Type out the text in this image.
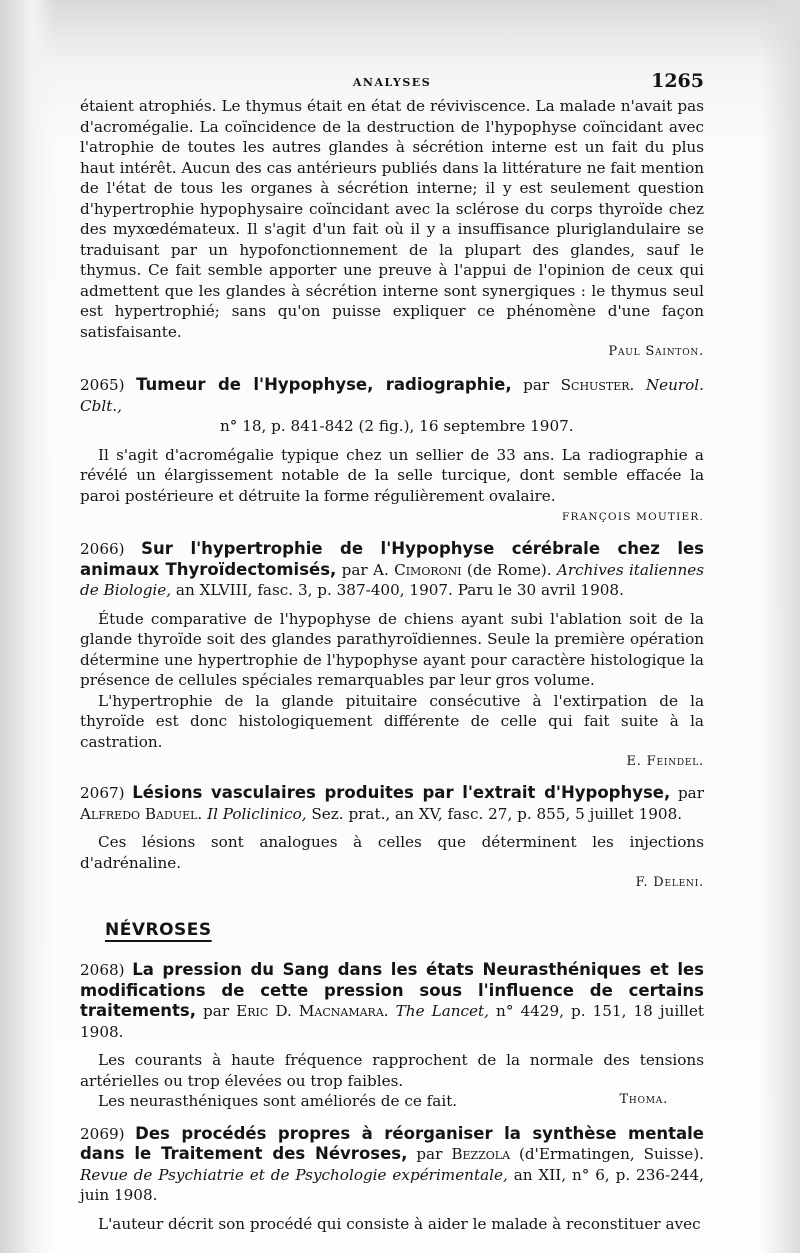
ANALYSES	1265

étaient atrophiés. Le thymus était en état de réviviscence. La malade n'avait pas d'acromégalie. La coïncidence de la destruction de l'hypophyse coïncidant avec l'atrophie de toutes les autres glandes à sécrétion interne est un fait du plus haut intérêt. Aucun des cas antérieurs publiés dans la littérature ne fait mention de l'état de tous les organes à sécrétion interne; il y est seulement question d'hypertrophie hypophysaire coïncidant avec la sclérose du corps thyroïde chez des myxœdémateux. Il s'agit d'un fait où il y a insuffisance pluriglandulaire se traduisant par un hypofonctionnement de la plupart des glandes, sauf le thymus. Ce fait semble apporter une preuve à l'appui de l'opinion de ceux qui admettent que les glandes à sécrétion interne sont synergiques : le thymus seul est hypertrophié; sans qu'on puisse expliquer ce phénomène d'une façon satisfaisante.

Paul Sainton.

2065) Tumeur de l'Hypophyse, radiographie, par Schuster. Neurol. Cblt.,
n° 18, p. 841-842 (2 fig.), 16 septembre 1907.

Il s'agit d'acromégalie typique chez un sellier de 33 ans. La radiographie a révélé un élargissement notable de la selle turcique, dont semble effacée la paroi postérieure et détruite la forme régulièrement ovalaire.

FRANÇOIS MOUTIER.

2066) Sur l'hypertrophie de l'Hypophyse cérébrale chez les animaux Thyroïdectomisés, par A. Cimoroni (de Rome). Archives italiennes de Biologie, an XLVIII, fasc. 3, p. 387-400, 1907. Paru le 30 avril 1908.

Étude comparative de l'hypophyse de chiens ayant subi l'ablation soit de la glande thyroïde soit des glandes parathyroïdiennes. Seule la première opération détermine une hypertrophie de l'hypophyse ayant pour caractère histologique la présence de cellules spéciales remarquables par leur gros volume.

L'hypertrophie de la glande pituitaire consécutive à l'extirpation de la thyroïde est donc histologiquement différente de celle qui fait suite à la castration.

E. Feindel.

2067) Lésions vasculaires produites par l'extrait d'Hypophyse, par Alfredo Baduel. Il Policlinico, Sez. prat., an XV, fasc. 27, p. 855, 5 juillet 1908.

Ces lésions sont analogues à celles que déterminent les injections d'adrénaline.

F. Deleni.

NÉVROSES
2068) La pression du Sang dans les états Neurasthéniques et les modifications de cette pression sous l'influence de certains traitements, par Eric D. Macnamara. The Lancet, n° 4429, p. 151, 18 juillet 1908.

Les courants à haute fréquence rapprochent de la normale des tensions artérielles ou trop élevées ou trop faibles.

Les neurasthéniques sont améliorés de ce fait.	Thoma.
2069) Des procédés propres à réorganiser la synthèse mentale dans le Traitement des Névroses, par Bezzola (d'Ermatingen, Suisse). Revue de Psychiatrie et de Psychologie expérimentale, an XII, n° 6, p. 236-244, juin 1908.

L'auteur décrit son procédé qui consiste à aider le malade à reconstituer avec
